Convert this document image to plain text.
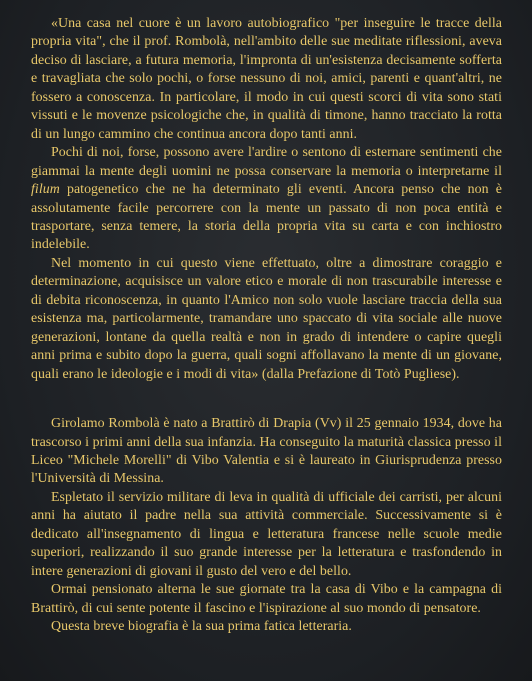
«Una casa nel cuore è un lavoro autobiografico "per inseguire le tracce della propria vita", che il prof. Rombolà, nell'ambito delle sue meditate riflessioni, aveva deciso di lasciare, a futura memoria, l'impronta di un'esistenza decisamente sofferta e travagliata che solo pochi, o forse nessuno di noi, amici, parenti e quant'altri, ne fossero a conoscenza. In particolare, il modo in cui questi scorci di vita sono stati vissuti e le movenze psicologiche che, in qualità di timone, hanno tracciato la rotta di un lungo cammino che continua ancora dopo tanti anni.

Pochi di noi, forse, possono avere l'ardire o sentono di esternare sentimenti che giammai la mente degli uomini ne possa conservare la memoria o interpretarne il filum patogenetico che ne ha determinato gli eventi. Ancora penso che non è assolutamente facile percorrere con la mente un passato di non poca entità e trasportare, senza temere, la storia della propria vita su carta e con inchiostro indelebile.

Nel momento in cui questo viene effettuato, oltre a dimostrare coraggio e determinazione, acquisisce un valore etico e morale di non trascurabile interesse e di debita riconoscenza, in quanto l'Amico non solo vuole lasciare traccia della sua esistenza ma, particolarmente, tramandare uno spaccato di vita sociale alle nuove generazioni, lontane da quella realtà e non in grado di intendere o capire quegli anni prima e subito dopo la guerra, quali sogni affollavano la mente di un giovane, quali erano le ideologie e i modi di vita» (dalla Prefazione di Totò Pugliese).

Girolamo Rombolà è nato a Brattirò di Drapia (Vv) il 25 gennaio 1934, dove ha trascorso i primi anni della sua infanzia. Ha conseguito la maturità classica presso il Liceo "Michele Morelli" di Vibo Valentia e si è laureato in Giurisprudenza presso l'Università di Messina.

Espletato il servizio militare di leva in qualità di ufficiale dei carristi, per alcuni anni ha aiutato il padre nella sua attività commerciale. Successivamente si è dedicato all'insegnamento di lingua e letteratura francese nelle scuole medie superiori, realizzando il suo grande interesse per la letteratura e trasfondendo in intere generazioni di giovani il gusto del vero e del bello.

Ormai pensionato alterna le sue giornate tra la casa di Vibo e la campagna di Brattirò, di cui sente potente il fascino e l'ispirazione al suo mondo di pensatore.

Questa breve biografia è la sua prima fatica letteraria.
